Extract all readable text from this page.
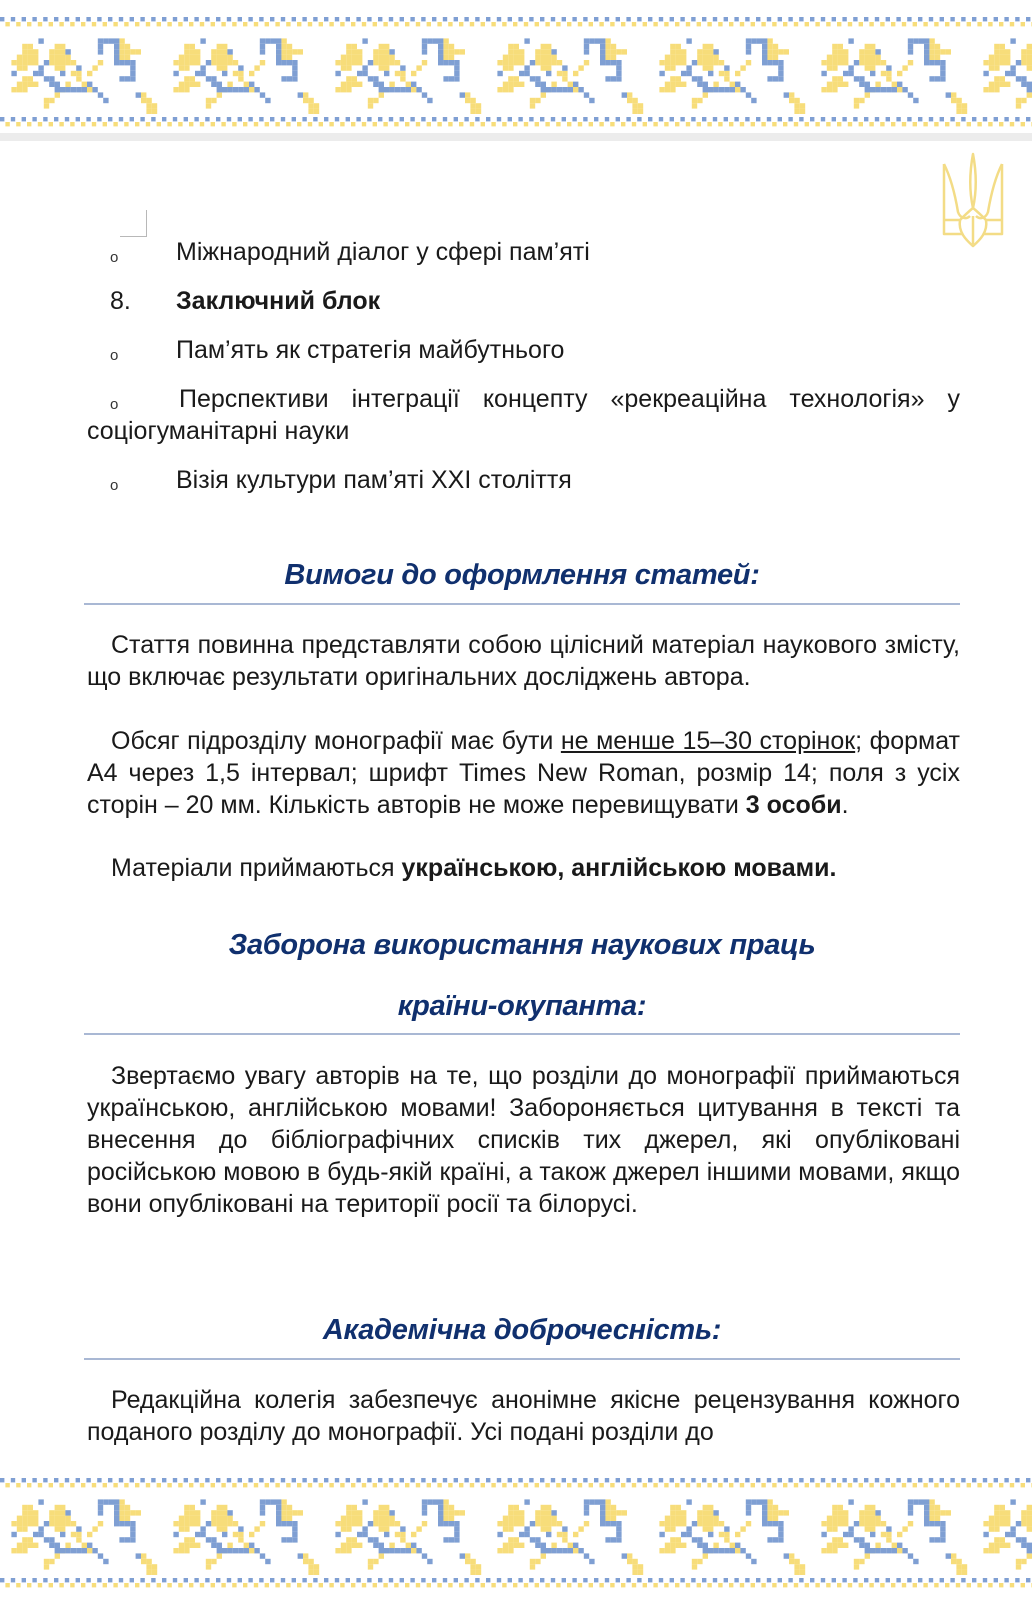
o Міжнародний діалог у сфері пам’яті
8. Заключний блок
o Пам’ять як стратегія майбутнього
o	Перспективи інтеграції концепту «рекреаційна технологія» у соціогуманітарні науки
o Візія культури пам’яті XXI століття
Вимоги до оформлення статей:

Стаття повинна представляти собою цілісний матеріал наукового змісту, що включає результати оригінальних досліджень автора.

Обсяг підрозділу монографії має бути не менше 15–30 сторінок; формат А4 через 1,5 інтервал; шрифт Times New Roman, розмір 14; поля з усіх сторін – 20 мм. Кількість авторів не може перевищувати 3 особи.

Матеріали приймаються українською, англійською мовами.

Заборона використання наукових праць
країни-окупанта:

Звертаємо увагу авторів на те, що розділи до монографії приймаються українською, англійською мовами! Забороняється цитування в тексті та внесення до бібліографічних списків тих джерел, які опубліковані російською мовою в будь-якій країні, а також джерел іншими мовами, якщо вони опубліковані на території росії та білорусі.

Академічна доброчесність:

Редакційна колегія забезпечує анонімне якісне рецензування кожного поданого розділу до монографії. Усі подані розділи до
